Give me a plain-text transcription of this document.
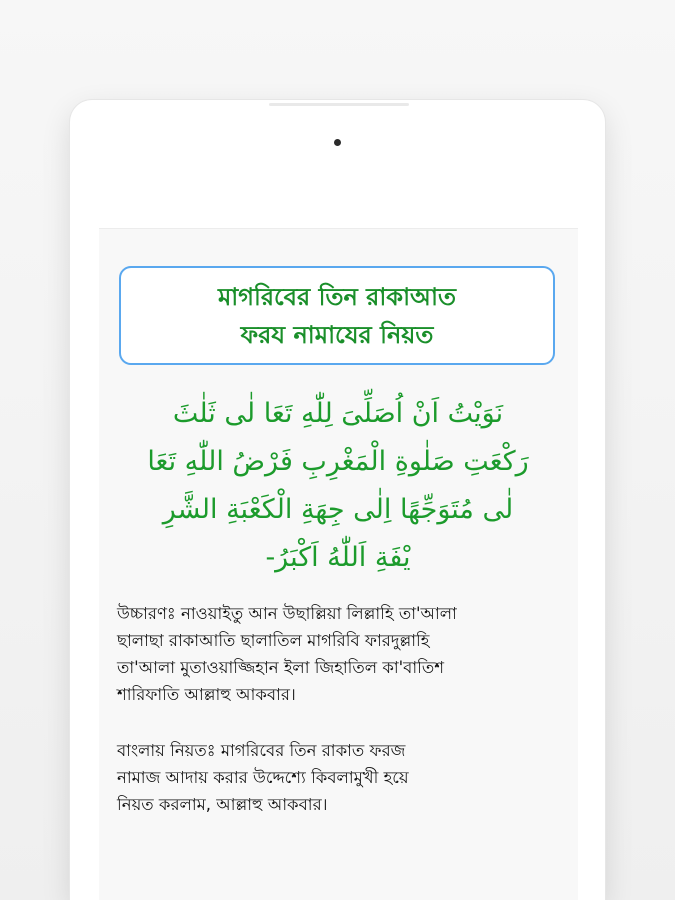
মাগরিবের তিন রাকাআত
ফরয নামাযের নিয়ত
نَوَيْتُ اَنْ اُصَلِّىَ لِلّٰهِ تَعَا لٰى ثَلٰثَ
رَكْعَتِ صَلٰوةِ الْمَغْرِبِ فَرْضُ اللّٰهِ تَعَا
لٰى مُتَوَجِّهًا اِلٰى جِهَةِ الْكَعْبَةِ الشَّرِ
يْفَةِ اَللّٰهُ اَكْبَرُ-
উচ্চারণঃ নাওয়াইতু আন উছাল্লিয়া লিল্লাহি তা'আলা
ছালাছা রাকাআতি ছালাতিল মাগরিবি ফারদুল্লাহি
তা'আলা মুতাওয়াজ্জিহান ইলা জিহাতিল কা'বাতিশ
শারিফাতি আল্লাহু আকবার।
বাংলায় নিয়তঃ মাগরিবের তিন রাকাত ফরজ
নামাজ আদায় করার উদ্দেশ্যে কিবলামুখী হয়ে
নিয়ত করলাম, আল্লাহু আকবার।
